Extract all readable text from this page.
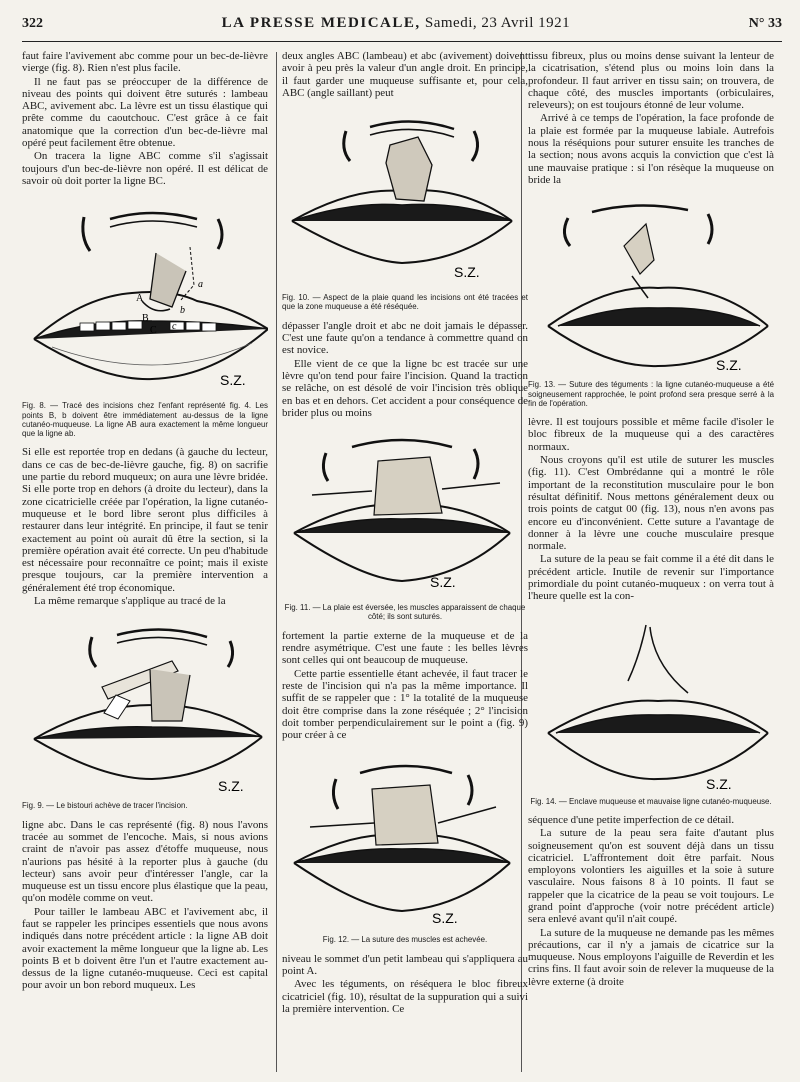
322	LA PRESSE MEDICALE, Samedi, 23 Avril 1921	N° 33

faut faire l'avivement abc comme pour un bec-de-lièvre vierge (fig. 8). Rien n'est plus facile.

Il ne faut pas se préoccuper de la différence de niveau des points qui doivent être suturés : lambeau ABC, avivement abc. La lèvre est un tissu élastique qui prête comme du caoutchouc. C'est grâce à ce fait anatomique que la correction d'un bec-de-lièvre mal opéré peut facilement être obtenue.

On tracera la ligne ABC comme s'il s'agissait toujours d'un bec-de-lièvre non opéré. Il est délicat de savoir où doit porter la ligne BC.

S.Z.
A
B
C
a
b
c
Fig. 8. — Tracé des incisions chez l'enfant représenté fig. 4. Les points B, b doivent être immédiatement au-dessus de la ligne cutanéo-muqueuse. La ligne AB aura exactement la même longueur que la ligne ab.

Si elle est reportée trop en dedans (à gauche du lecteur, dans ce cas de bec-de-lièvre gauche, fig. 8) on sacrifie une partie du rebord muqueux; on aura une lèvre bridée. Si elle porte trop en dehors (à droite du lecteur), dans la zone cicatricielle créée par l'opération, la ligne cutanéo-muqueuse et le bord libre seront plus difficiles à restaurer dans leur intégrité. En principe, il faut se tenir exactement au point où aurait dû être la section, si la première opération avait été correcte. Un peu d'habitude est nécessaire pour reconnaître ce point; mais il existe presque toujours, car la première intervention a généralement été trop économique.

La même remarque s'applique au tracé de la

S.Z.
Fig. 9. — Le bistouri achève de tracer l'incision.

ligne abc. Dans le cas représenté (fig. 8) nous l'avons tracée au sommet de l'encoche. Mais, si nous avions craint de n'avoir pas assez d'étoffe muqueuse, nous n'aurions pas hésité à la reporter plus à gauche (du lecteur) sans avoir peur d'intéresser l'angle, car la muqueuse est un tissu encore plus élastique que la peau, qu'on modèle comme on veut.

Pour tailler le lambeau ABC et l'avivement abc, il faut se rappeler les principes essentiels que nous avons indiqués dans notre précédent article : la ligne AB doit avoir exactement la même longueur que la ligne ab. Les points B et b doivent être l'un et l'autre exactement au-dessus de la ligne cutanéo-muqueuse. Ceci est capital pour avoir un bon rebord muqueux. Les

deux angles ABC (lambeau) et abc (avivement) doivent avoir à peu près la valeur d'un angle droit. En principe, il faut garder une muqueuse suffisante et, pour cela, ABC (angle saillant) peut

S.Z.
Fig. 10. — Aspect de la plaie quand les incisions ont été tracées et que la zone muqueuse a été réséquée.

dépasser l'angle droit et abc ne doit jamais le dépasser. C'est une faute qu'on a tendance à commettre quand on est novice.

Elle vient de ce que la ligne bc est tracée sur une lèvre qu'on tend pour faire l'incision. Quand la traction se relâche, on est désolé de voir l'incision très oblique en bas et en dehors. Cet accident a pour conséquence de brider plus ou moins

S.Z.
Fig. 11. — La plaie est éversée, les muscles apparaissent de chaque côté; ils sont suturés.

fortement la partie externe de la muqueuse et de la rendre asymétrique. C'est une faute : les belles lèvres sont celles qui ont beaucoup de muqueuse.

Cette partie essentielle étant achevée, il faut tracer le reste de l'incision qui n'a pas la même importance. Il suffit de se rappeler que : 1° la totalité de la muqueuse doit être comprise dans la zone réséquée ; 2° l'incision doit tomber perpendiculairement sur le point a (fig. 9) pour créer à ce

S.Z.
Fig. 12. — La suture des muscles est achevée.

niveau le sommet d'un petit lambeau qui s'appliquera au point A.

Avec les téguments, on réséquera le bloc fibreux cicatriciel (fig. 10), résultat de la suppuration qui a suivi la première intervention. Ce

tissu fibreux, plus ou moins dense suivant la lenteur de la cicatrisation, s'étend plus ou moins loin dans la profondeur. Il faut arriver en tissu sain; on trouvera, de chaque côté, des muscles importants (orbiculaires, releveurs); on est toujours étonné de leur volume.

Arrivé à ce temps de l'opération, la face profonde de la plaie est formée par la muqueuse labiale. Autrefois nous la réséquions pour suturer ensuite les tranches de la section; nous avons acquis la conviction que c'est là une mauvaise pratique : si l'on résèque la muqueuse on bride la

S.Z.
Fig. 13. — Suture des téguments : la ligne cutanéo-muqueuse a été soigneusement rapprochée, le point profond sera presque serré à la fin de l'opération.

lèvre. Il est toujours possible et même facile d'isoler le bloc fibreux de la muqueuse qui a des caractères normaux.

Nous croyons qu'il est utile de suturer les muscles (fig. 11). C'est Ombrédanne qui a montré le rôle important de la reconstitution musculaire pour le bon résultat définitif. Nous mettons généralement deux ou trois points de catgut 00 (fig. 13), nous n'en avons pas encore eu d'inconvénient. Cette suture a l'avantage de donner à la lèvre une couche musculaire presque normale.

La suture de la peau se fait comme il a été dit dans le précédent article. Inutile de revenir sur l'importance primordiale du point cutanéo-muqueux : on verra tout à l'heure quelle est la con-

S.Z.
Fig. 14. — Enclave muqueuse et mauvaise ligne cutanéo-muqueuse.

séquence d'une petite imperfection de ce détail.

La suture de la peau sera faite d'autant plus soigneusement qu'on est souvent déjà dans un tissu cicatriciel. L'affrontement doit être parfait. Nous employons volontiers les aiguilles et la soie à suture vasculaire. Nous faisons 8 à 10 points. Il faut se rappeler que la cicatrice de la peau se voit toujours. Le grand point d'approche (voir notre précédent article) sera enlevé avant qu'il n'ait coupé.

La suture de la muqueuse ne demande pas les mêmes précautions, car il n'y a jamais de cicatrice sur la muqueuse. Nous employons l'aiguille de Reverdin et les crins fins. Il faut avoir soin de relever la muqueuse de la lèvre externe (à droite
